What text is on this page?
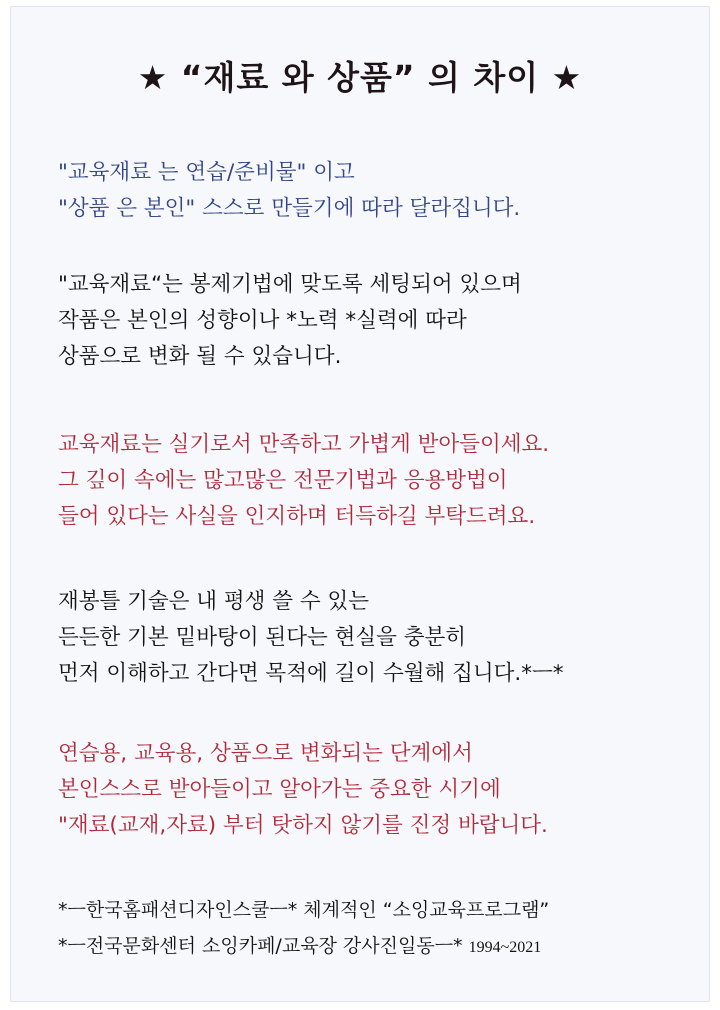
★ “재료 와 상품” 의 차이 ★
"교육재료 는 연습/준비물" 이고
"상품 은 본인" 스스로 만들기에 따라 달라집니다.
"교육재료“는 봉제기법에 맞도록 세팅되어 있으며
작품은 본인의 성향이나 *노력 *실력에 따라
상품으로 변화 될 수 있습니다.
교육재료는 실기로서 만족하고 가볍게 받아들이세요.
그 깊이 속에는 많고많은 전문기법과 응용방법이
들어 있다는 사실을 인지하며 터득하길 부탁드려요.
재봉틀 기술은 내 평생 쓸 수 있는
든든한 기본 밑바탕이 된다는 현실을 충분히
먼저 이해하고 간다면 목적에 길이 수월해 집니다.*ㅡ*
연습용, 교육용, 상품으로 변화되는 단계에서
본인스스로 받아들이고 알아가는 중요한 시기에
"재료(교재,자료) 부터 탓하지 않기를 진정 바랍니다.
*ㅡ한국홈패션디자인스쿨ㅡ* 체계적인 “소잉교육프로그램”
*ㅡ전국문화센터 소잉카페/교육장 강사진일동ㅡ* 1994~2021
